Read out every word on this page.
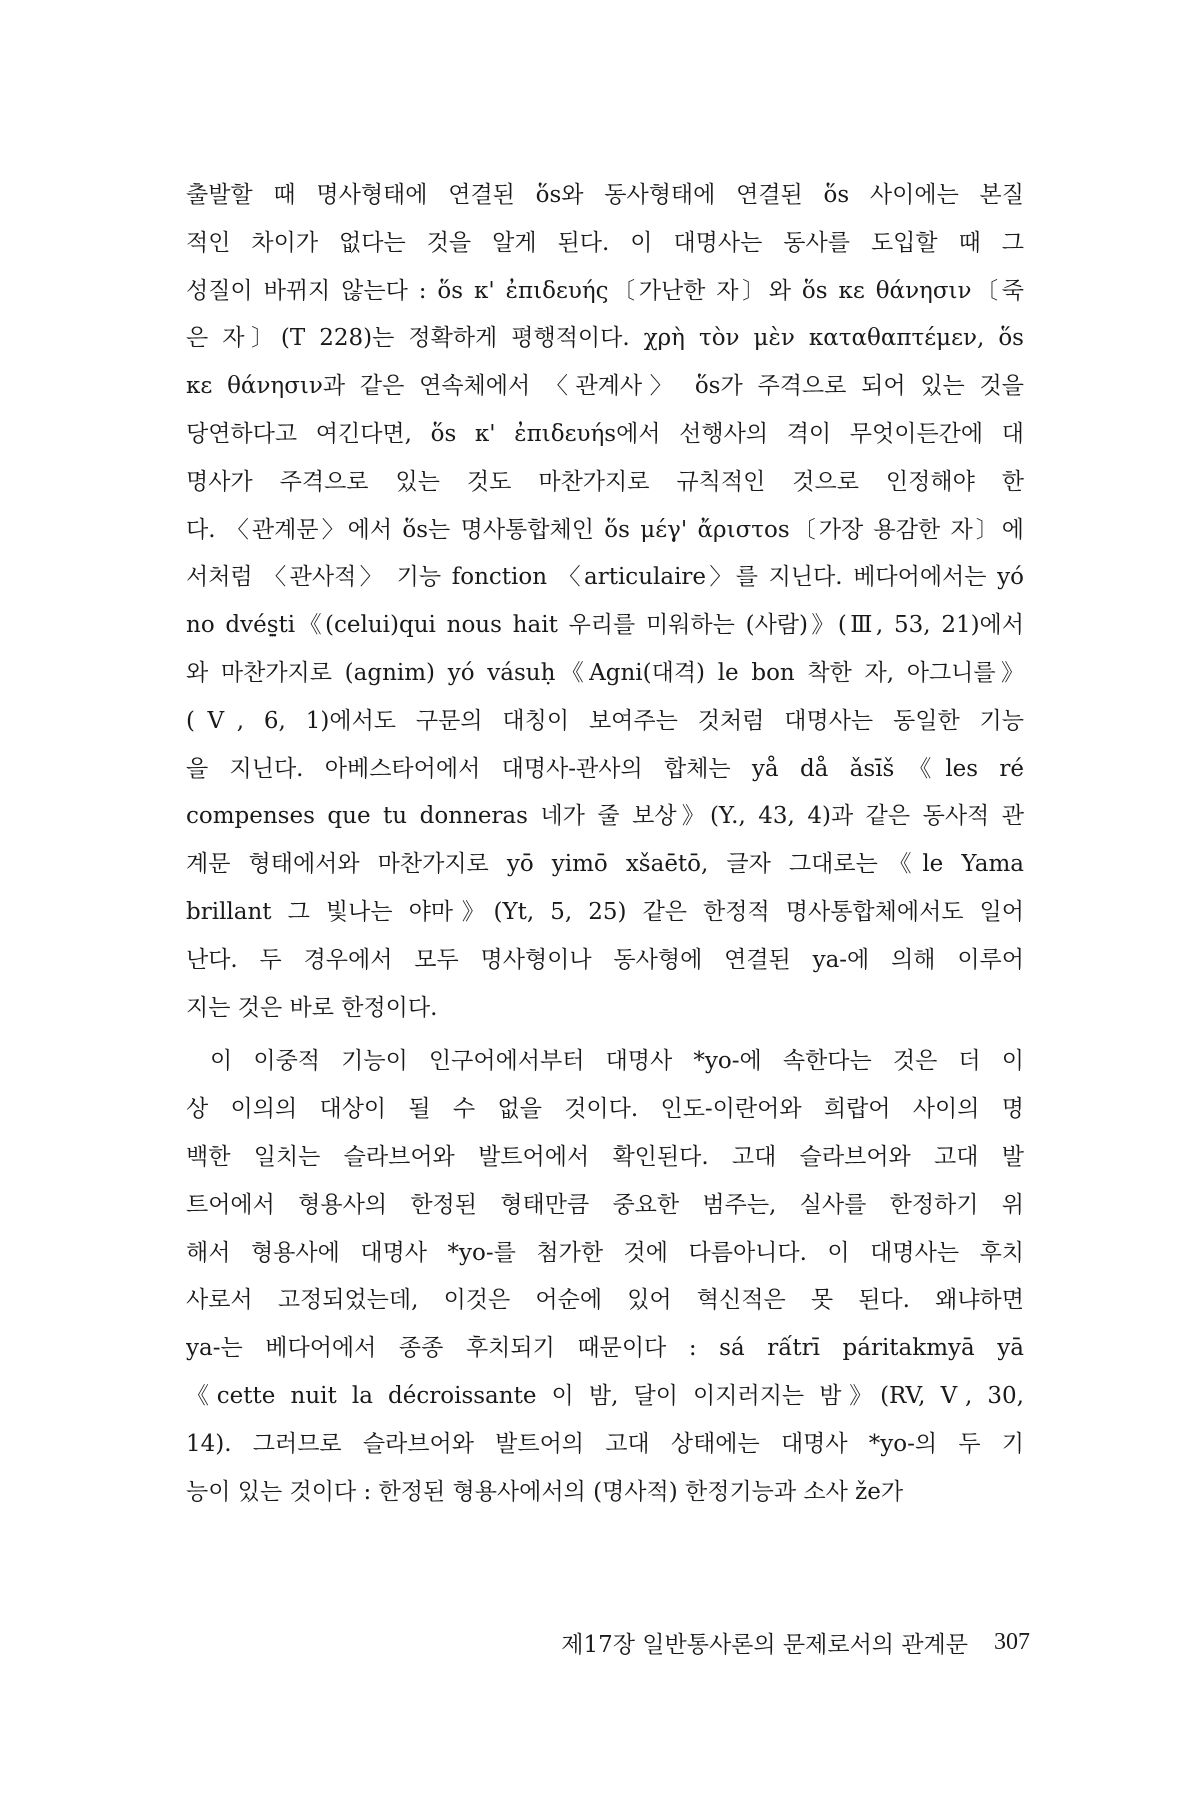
출발할 때 명사형태에 연결된 ὅs와 동사형태에 연결된 ὅs 사이에는 본질
적인 차이가 없다는 것을 알게 된다. 이 대명사는 동사를 도입할 때 그
성질이 바뀌지 않는다 : ὅs κ' ἐπιδευής〔가난한 자〕와 ὅs κε θάνησιν〔죽
은 자〕(T 228)는 정확하게 평행적이다. χρὴ τὸν μὲν καταθαπτέμεν, ὅs
κε θάνησιν과 같은 연속체에서 〈관계사〉 ὅs가 주격으로 되어 있는 것을
당연하다고 여긴다면, ὅs κ' ἐπιδευήs에서 선행사의 격이 무엇이든간에 대
명사가 주격으로 있는 것도 마찬가지로 규칙적인 것으로 인정해야 한
다. 〈관계문〉에서 ὅs는 명사통합체인 ὅs μέγ' ἄριστοs〔가장 용감한 자〕에
서처럼 〈관사적〉 기능 fonction 〈articulaire〉를 지닌다. 베다어에서는 yó
no dvéṣ̤ti《(celui)qui nous hait 우리를 미워하는 (사람)》(Ⅲ, 53, 21)에서
와 마찬가지로 (agnim) yó vásuḥ《Agni(대격) le bon 착한 자, 아그니를》
(Ⅴ, 6, 1)에서도 구문의 대칭이 보여주는 것처럼 대명사는 동일한 기능
을 지닌다. 아베스타어에서 대명사-관사의 합체는 yå då ǎsīš《les ré
compenses que tu donneras 네가 줄 보상》(Y., 43, 4)과 같은 동사적 관
계문 형태에서와 마찬가지로 yō yimō xšaētō, 글자 그대로는《le Yama
brillant 그 빛나는 야마》(Yt, 5, 25) 같은 한정적 명사통합체에서도 일어
난다. 두 경우에서 모두 명사형이나 동사형에 연결된 ya-에 의해 이루어
지는 것은 바로 한정이다.
이 이중적 기능이 인구어에서부터 대명사 *yo-에 속한다는 것은 더 이
상 이의의 대상이 될 수 없을 것이다. 인도-이란어와 희랍어 사이의 명
백한 일치는 슬라브어와 발트어에서 확인된다. 고대 슬라브어와 고대 발
트어에서 형용사의 한정된 형태만큼 중요한 범주는, 실사를 한정하기 위
해서 형용사에 대명사 *yo-를 첨가한 것에 다름아니다. 이 대명사는 후치
사로서 고정되었는데, 이것은 어순에 있어 혁신적은 못 된다. 왜냐하면
ya-는 베다어에서 종종 후치되기 때문이다 : sá rấtrī páritakmyā yā
《cette nuit la décroissante 이 밤, 달이 이지러지는 밤》(RV, Ⅴ, 30,
14). 그러므로 슬라브어와 발트어의 고대 상태에는 대명사 *yo-의 두 기
능이 있는 것이다 : 한정된 형용사에서의 (명사적) 한정기능과 소사 že가
제17장 일반통사론의 문제로서의 관계문 307
